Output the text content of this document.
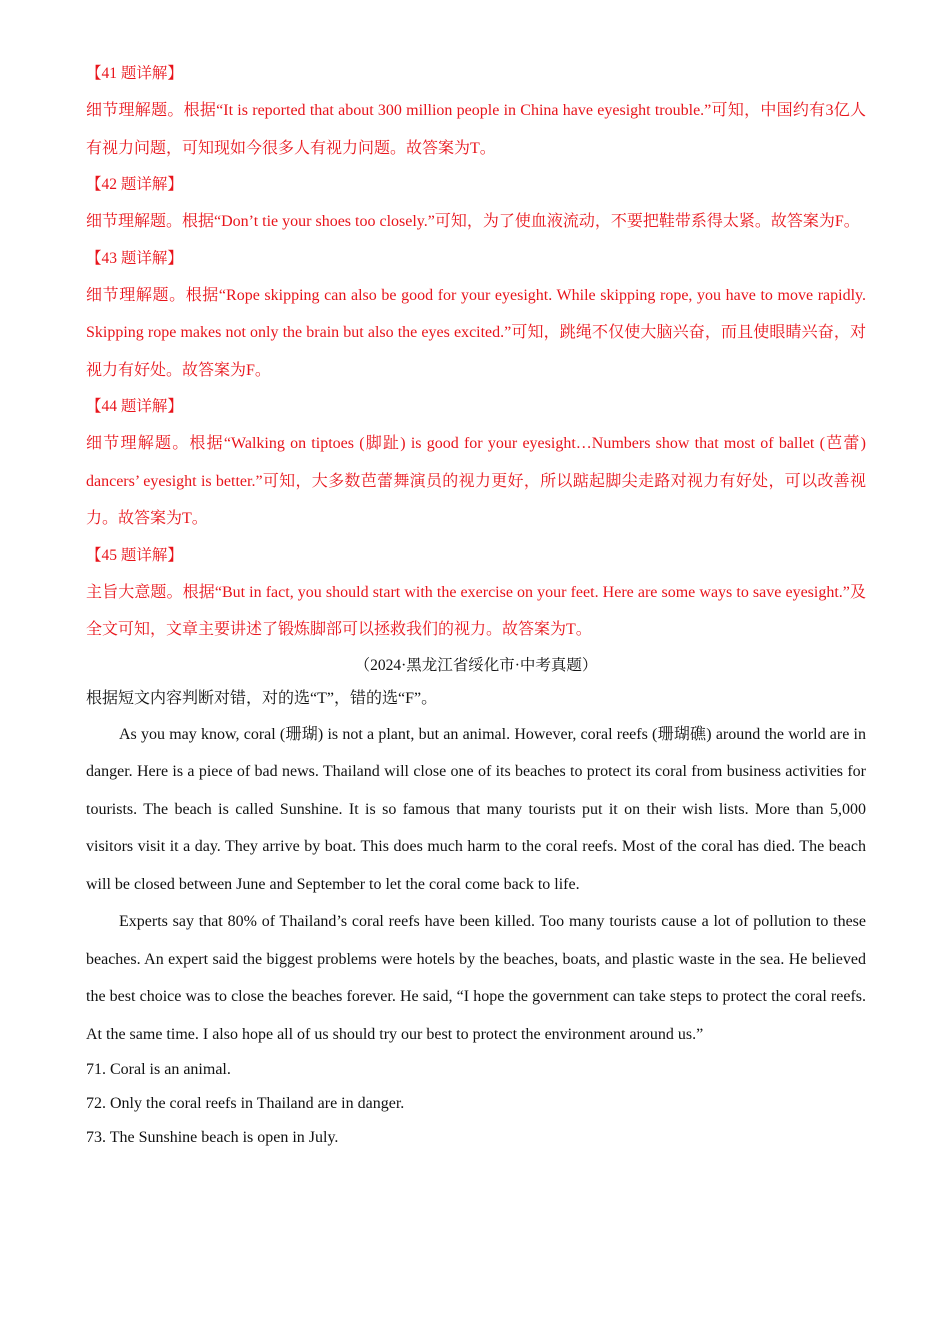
【41 题详解】

细节理解题。根据“It is reported that about 300 million people in China have eyesight trouble.”可知，中国约有3亿人有视力问题，可知现如今很多人有视力问题。故答案为T。

【42 题详解】

细节理解题。根据“Don’t tie your shoes too closely.”可知，为了使血液流动，不要把鞋带系得太紧。故答案为F。

【43 题详解】

细节理解题。根据“Rope skipping can also be good for your eyesight. While skipping rope, you have to move rapidly. Skipping rope makes not only the brain but also the eyes excited.”可知，跳绳不仅使大脑兴奋，而且使眼睛兴奋，对视力有好处。故答案为F。

【44 题详解】

细节理解题。根据“Walking on tiptoes (脚趾) is good for your eyesight…Numbers show that most of ballet (芭蕾) dancers’ eyesight is better.”可知，大多数芭蕾舞演员的视力更好，所以踮起脚尖走路对视力有好处，可以改善视力。故答案为T。

【45 题详解】

主旨大意题。根据“But in fact, you should start with the exercise on your feet. Here are some ways to save eyesight.”及全文可知，文章主要讲述了锻炼脚部可以拯救我们的视力。故答案为T。

（2024·黑龙江省绥化市·中考真题）

根据短文内容判断对错，对的选“T”，错的选“F”。

As you may know, coral (珊瑚) is not a plant, but an animal. However, coral reefs (珊瑚礁) around the world are in danger. Here is a piece of bad news. Thailand will close one of its beaches to protect its coral from business activities for tourists. The beach is called Sunshine. It is so famous that many tourists put it on their wish lists. More than 5,000 visitors visit it a day. They arrive by boat. This does much harm to the coral reefs. Most of the coral has died. The beach will be closed between June and September to let the coral come back to life.

Experts say that 80% of Thailand’s coral reefs have been killed. Too many tourists cause a lot of pollution to these beaches. An expert said the biggest problems were hotels by the beaches, boats, and plastic waste in the sea. He believed the best choice was to close the beaches forever. He said, “I hope the government can take steps to protect the coral reefs. At the same time. I also hope all of us should try our best to protect the environment around us.”

71. Coral is an animal.

72. Only the coral reefs in Thailand are in danger.

73. The Sunshine beach is open in July.
